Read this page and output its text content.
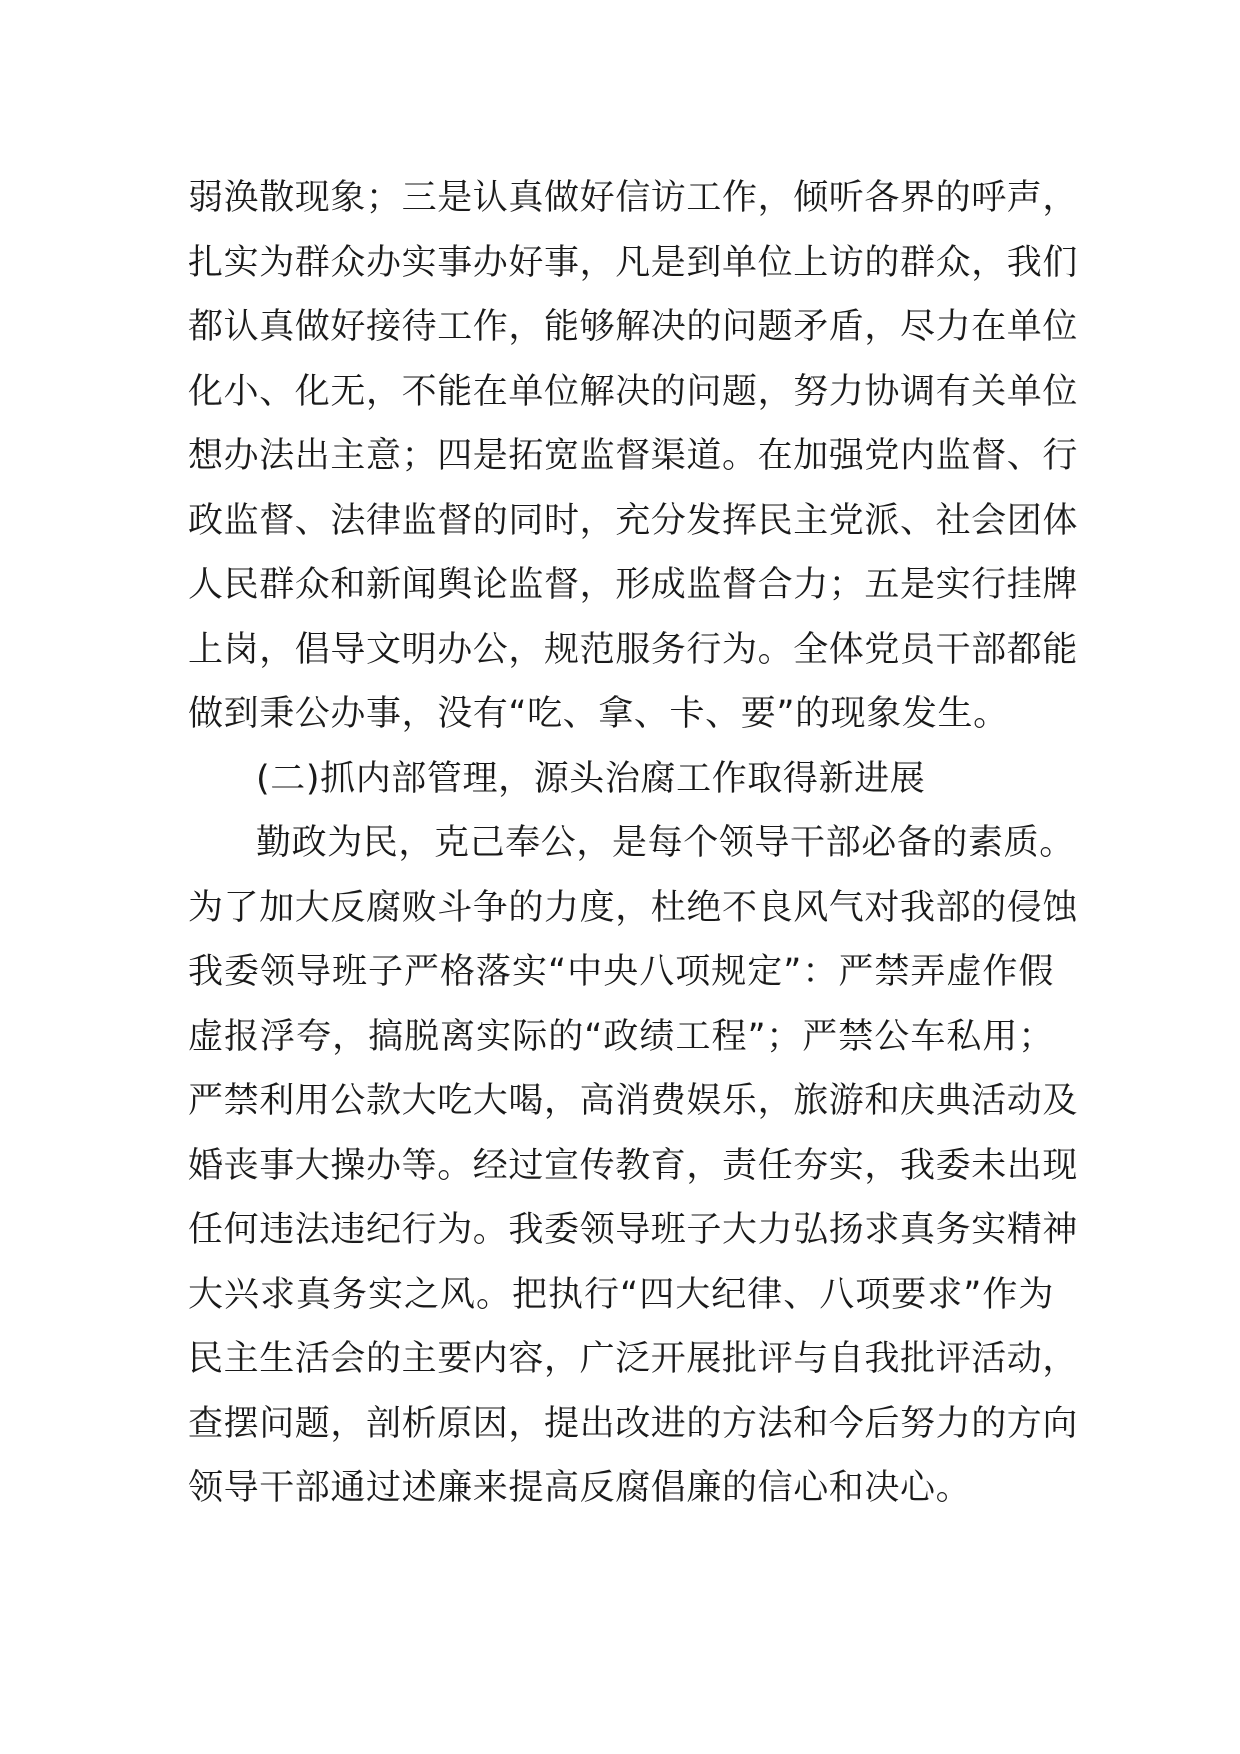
弱涣散现象；三是认真做好信访工作，倾听各界的呼声，
扎实为群众办实事办好事，凡是到单位上访的群众，我们
都认真做好接待工作，能够解决的问题矛盾，尽力在单位
化小、化无，不能在单位解决的问题，努力协调有关单位
想办法出主意；四是拓宽监督渠道。在加强党内监督、行
政监督、法律监督的同时，充分发挥民主党派、社会团体
人民群众和新闻舆论监督，形成监督合力；五是实行挂牌
上岗，倡导文明办公，规范服务行为。全体党员干部都能
做到秉公办事，没有“吃、拿、卡、要”的现象发生。
(二)抓内部管理，源头治腐工作取得新进展
勤政为民，克己奉公，是每个领导干部必备的素质。
为了加大反腐败斗争的力度，杜绝不良风气对我部的侵蚀
我委领导班子严格落实“中央八项规定”：严禁弄虚作假
虚报浮夸，搞脱离实际的“政绩工程”；严禁公车私用；
严禁利用公款大吃大喝，高消费娱乐，旅游和庆典活动及
婚丧事大操办等。经过宣传教育，责任夯实，我委未出现
任何违法违纪行为。我委领导班子大力弘扬求真务实精神
大兴求真务实之风。把执行“四大纪律、八项要求”作为
民主生活会的主要内容，广泛开展批评与自我批评活动，
查摆问题，剖析原因，提出改进的方法和今后努力的方向
领导干部通过述廉来提高反腐倡廉的信心和决心。
